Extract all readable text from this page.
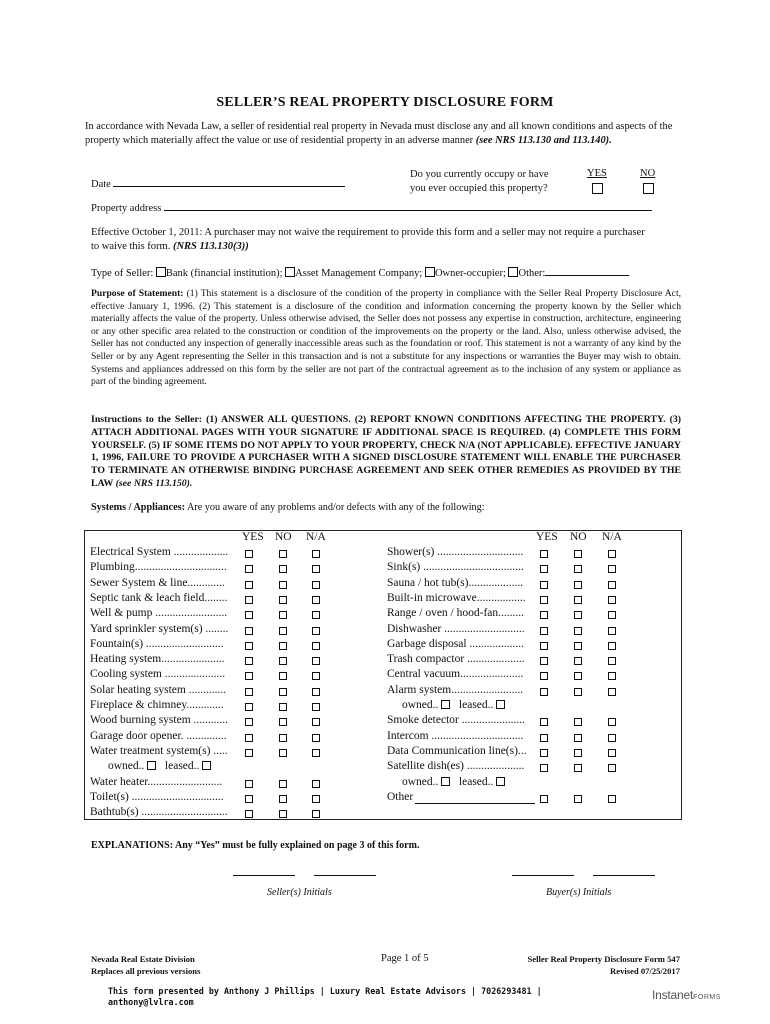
SELLER’S REAL PROPERTY DISCLOSURE FORM
In accordance with Nevada Law, a seller of residential real property in Nevada must disclose any and all known conditions and aspects of the property which materially affect the value or use of residential property in an adverse manner (see NRS 113.130 and 113.140).
Date
Do you currently occupy or have
you ever occupied this property?
YES	NO
Property address
Effective October 1, 2011: A purchaser may not waive the requirement to provide this form and a seller may not require a purchaser to waive this form. (NRS 113.130(3))
Type of Seller: Bank (financial institution); Asset Management Company; Owner-occupier; Other:
Purpose of Statement: (1) This statement is a disclosure of the condition of the property in compliance with the Seller Real Property Disclosure Act, effective January 1, 1996. (2) This statement is a disclosure of the condition and information concerning the property known by the Seller which materially affects the value of the property. Unless otherwise advised, the Seller does not possess any expertise in construction, architecture, engineering or any other specific area related to the construction or condition of the improvements on the property or the land. Also, unless otherwise advised, the Seller has not conducted any inspection of generally inaccessible areas such as the foundation or roof. This statement is not a warranty of any kind by the Seller or by any Agent representing the Seller in this transaction and is not a substitute for any inspections or warranties the Buyer may wish to obtain. Systems and appliances addressed on this form by the seller are not part of the contractual agreement as to the inclusion of any system or appliance as part of the binding agreement.
Instructions to the Seller: (1) ANSWER ALL QUESTIONS. (2) REPORT KNOWN CONDITIONS AFFECTING THE PROPERTY. (3) ATTACH ADDITIONAL PAGES WITH YOUR SIGNATURE IF ADDITIONAL SPACE IS REQUIRED. (4) COMPLETE THIS FORM YOURSELF. (5) IF SOME ITEMS DO NOT APPLY TO YOUR PROPERTY, CHECK N/A (NOT APPLICABLE). EFFECTIVE JANUARY 1, 1996, FAILURE TO PROVIDE A PURCHASER WITH A SIGNED DISCLOSURE STATEMENT WILL ENABLE THE PURCHASER TO TERMINATE AN OTHERWISE BINDING PURCHASE AGREEMENT AND SEEK OTHER REMEDIES AS PROVIDED BY THE LAW (see NRS 113.150).
Systems / Appliances: Are you aware of any problems and/or defects with any of the following:
YES NO N/A	YES NO N/A
Electrical System ...................
Plumbing................................
Sewer System & line.............
Septic tank & leach field........
Well & pump .........................
Yard sprinkler system(s) ........
Fountain(s) ...........................
Heating system......................
Cooling system .....................
Solar heating system .............
Fireplace & chimney.............
Wood burning system ............
Garage door opener. ..............
Water treatment system(s) .....
owned..    leased..
Water heater..........................
Toilet(s) ................................
Bathtub(s) ..............................
Shower(s) ..............................
Sink(s) ...................................
Sauna / hot tub(s)...................
Built-in microwave.................
Range / oven / hood-fan.........
Dishwasher ............................
Garbage disposal ...................
Trash compactor ....................
Central vacuum......................
Alarm system.........................
owned..    leased..
Smoke detector ......................
Intercom ................................
Data Communication line(s)...
Satellite dish(es) ....................
owned..    leased..
Other
EXPLANATIONS: Any “Yes” must be fully explained on page 3 of this form.
Seller(s) Initials	Buyer(s) Initials
Nevada Real Estate Division
Replaces all previous versions
Page 1 of 5	Seller Real Property Disclosure Form 547
Revised 07/25/2017
This form presented by Anthony J Phillips | Luxury Real Estate Advisors | 7026293481 |
anthony@lvlra.com	InstanetFORMS
